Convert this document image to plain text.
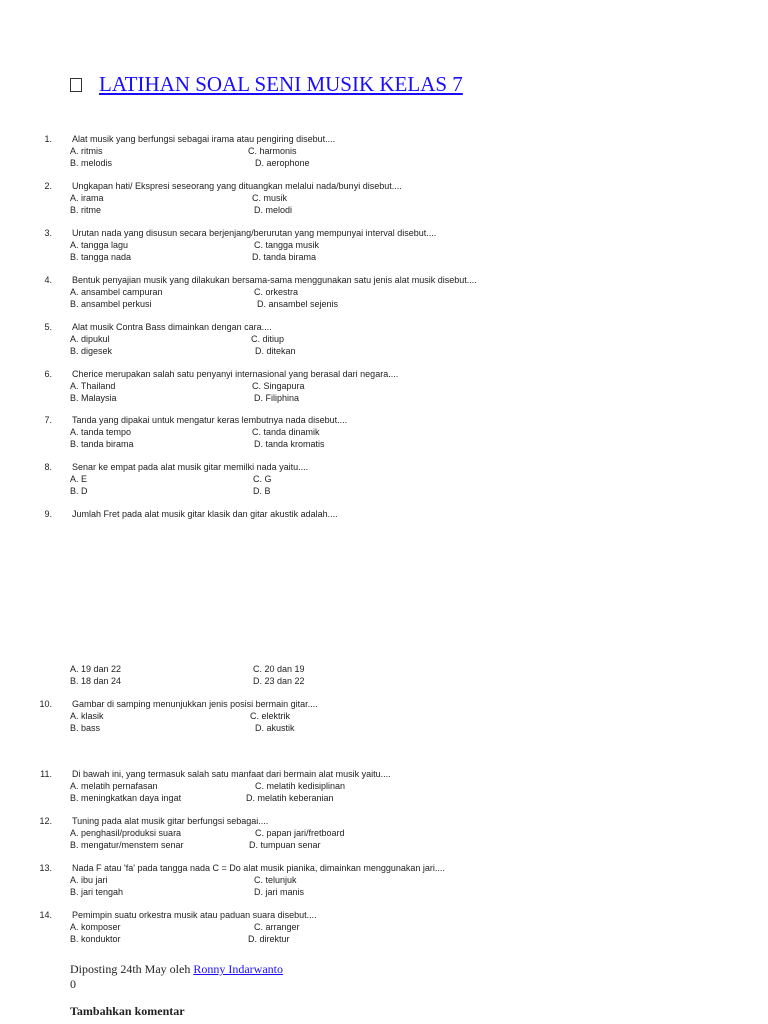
LATIHAN SOAL SENI MUSIK KELAS 7
1. Alat musik yang berfungsi sebagai irama atau pengiring disebut....
A. ritmis
B. melodis
C. harmonis
D. aerophone
2. Ungkapan hati/ Ekspresi seseorang yang dituangkan melalui nada/bunyi disebut....
A. irama
B. ritme
C. musik
D. melodi
3. Urutan nada yang disusun secara berjenjang/berurutan yang mempunyai interval disebut....
A. tangga lagu
B. tangga nada
C. tangga musik
D. tanda birama
4. Bentuk penyajian musik yang dilakukan bersama-sama menggunakan satu jenis alat musik disebut....
A. ansambel campuran
B. ansambel perkusi
C. orkestra
D. ansambel sejenis
5. Alat musik Contra Bass dimainkan dengan cara....
A. dipukul
B. digesek
C. ditiup
D. ditekan
6. Cherice merupakan salah satu penyanyi internasional yang berasal dari negara....
A. Thailand
B. Malaysia
C. Singapura
D. Filiphina
7. Tanda yang dipakai untuk mengatur keras lembutnya nada disebut....
A. tanda tempo
B. tanda birama
C. tanda dinamik
D. tanda kromatis
8. Senar ke empat pada alat musik gitar memilki nada yaitu....
A. E
B. D
C. G
D. B
9. Jumlah Fret pada alat musik gitar klasik dan gitar akustik adalah....
A. 19 dan 22
B. 18 dan 24
C. 20 dan 19
D. 23 dan 22
10. Gambar di samping menunjukkan jenis posisi bermain gitar....
A. klasik
B. bass
C. elektrik
D. akustik
11. Di bawah ini, yang termasuk salah satu manfaat dari bermain alat musik yaitu....
A. melatih pernafasan
B. meningkatkan daya ingat
C. melatih kedisiplinan
D. melatih keberanian
12. Tuning pada alat musik gitar berfungsi sebagai....
A. penghasil/produksi suara
B. mengatur/menstem senar
C. papan jari/fretboard
D. tumpuan senar
13. Nada F atau 'fa' pada tangga nada C = Do alat musik pianika, dimainkan menggunakan jari....
A. ibu jari
B. jari tengah
C. telunjuk
D. jari manis
14. Pemimpin suatu orkestra musik atau paduan suara disebut....
A. komposer
B. konduktor
C. arranger
D. direktur
Diposting 24th May oleh Ronny Indarwanto
0
Tambahkan komentar
